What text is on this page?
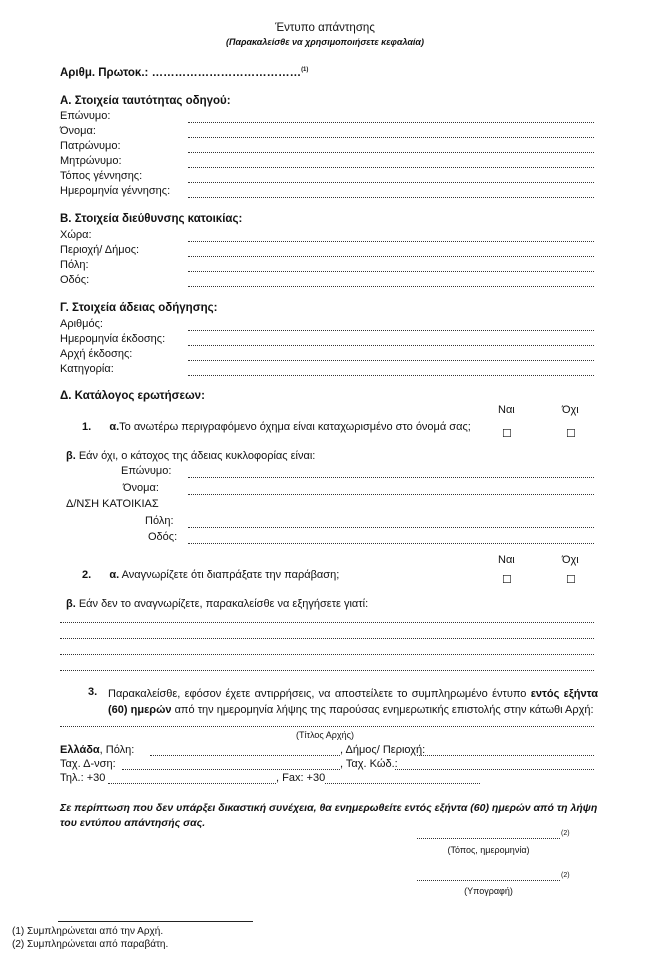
Έντυπο απάντησης
(Παρακαλείσθε να χρησιμοποιήσετε κεφαλαία)
Αριθμ. Πρωτοκ.: …………………………………$^{(1)}$
Α. Στοιχεία ταυτότητας οδηγού:
Επώνυμο:
Όνομα:
Πατρώνυμο:
Μητρώνυμο:
Τόπος γέννησης:
Ημερομηνία γέννησης:
Β. Στοιχεία διεύθυνσης κατοικίας:
Χώρα:
Περιοχή/ Δήμος:
Πόλη:
Οδός:
Γ. Στοιχεία άδειας οδήγησης:
Αριθμός:
Ημερομηνία έκδοσης:
Αρχή έκδοσης:
Κατηγορία:
Δ. Κατάλογος ερωτήσεων:
Ναι	Όχι
1. α.Το ανωτέρω περιγραφόμενο όχημα είναι καταχωρισμένο στο όνομά σας;
☐	☐
β. Εάν όχι, ο κάτοχος της άδειας κυκλοφορίας είναι:
Επώνυμο:
Όνομα:
Δ/ΝΣΗ ΚΑΤΟΙΚΙΑΣ
Πόλη:
Οδός:
Ναι	Όχι
2. α. Αναγνωρίζετε ότι διαπράξατε την παράβαση;	☐	☐
β. Εάν δεν το αναγνωρίζετε, παρακαλείσθε να εξηγήσετε γιατί:
3. Παρακαλείσθε, εφόσον έχετε αντιρρήσεις, να αποστείλετε το συμπληρωμένο έντυπο εντός εξήντα (60) ημερών από την ημερομηνία λήψης της παρούσας ενημερωτικής επιστολής στην κάτωθι Αρχή:
(Τίτλος Αρχής)
Ελλάδα, Πόλη:	, Δήμος/ Περιοχή:
Ταχ. Δ-νση:	, Ταχ. Κώδ.:
Τηλ.: +30	, Fax: +30
Σε περίπτωση που δεν υπάρξει δικαστική συνέχεια, θα ενημερωθείτε εντός εξήντα (60) ημερών από τη λήψη του εντύπου απάντησής σας.
(2)
(Τόπος, ημερομηνία)
(2)
(Υπογραφή)
(1) Συμπληρώνεται από την Αρχή.
(2) Συμπληρώνεται από παραβάτη.
